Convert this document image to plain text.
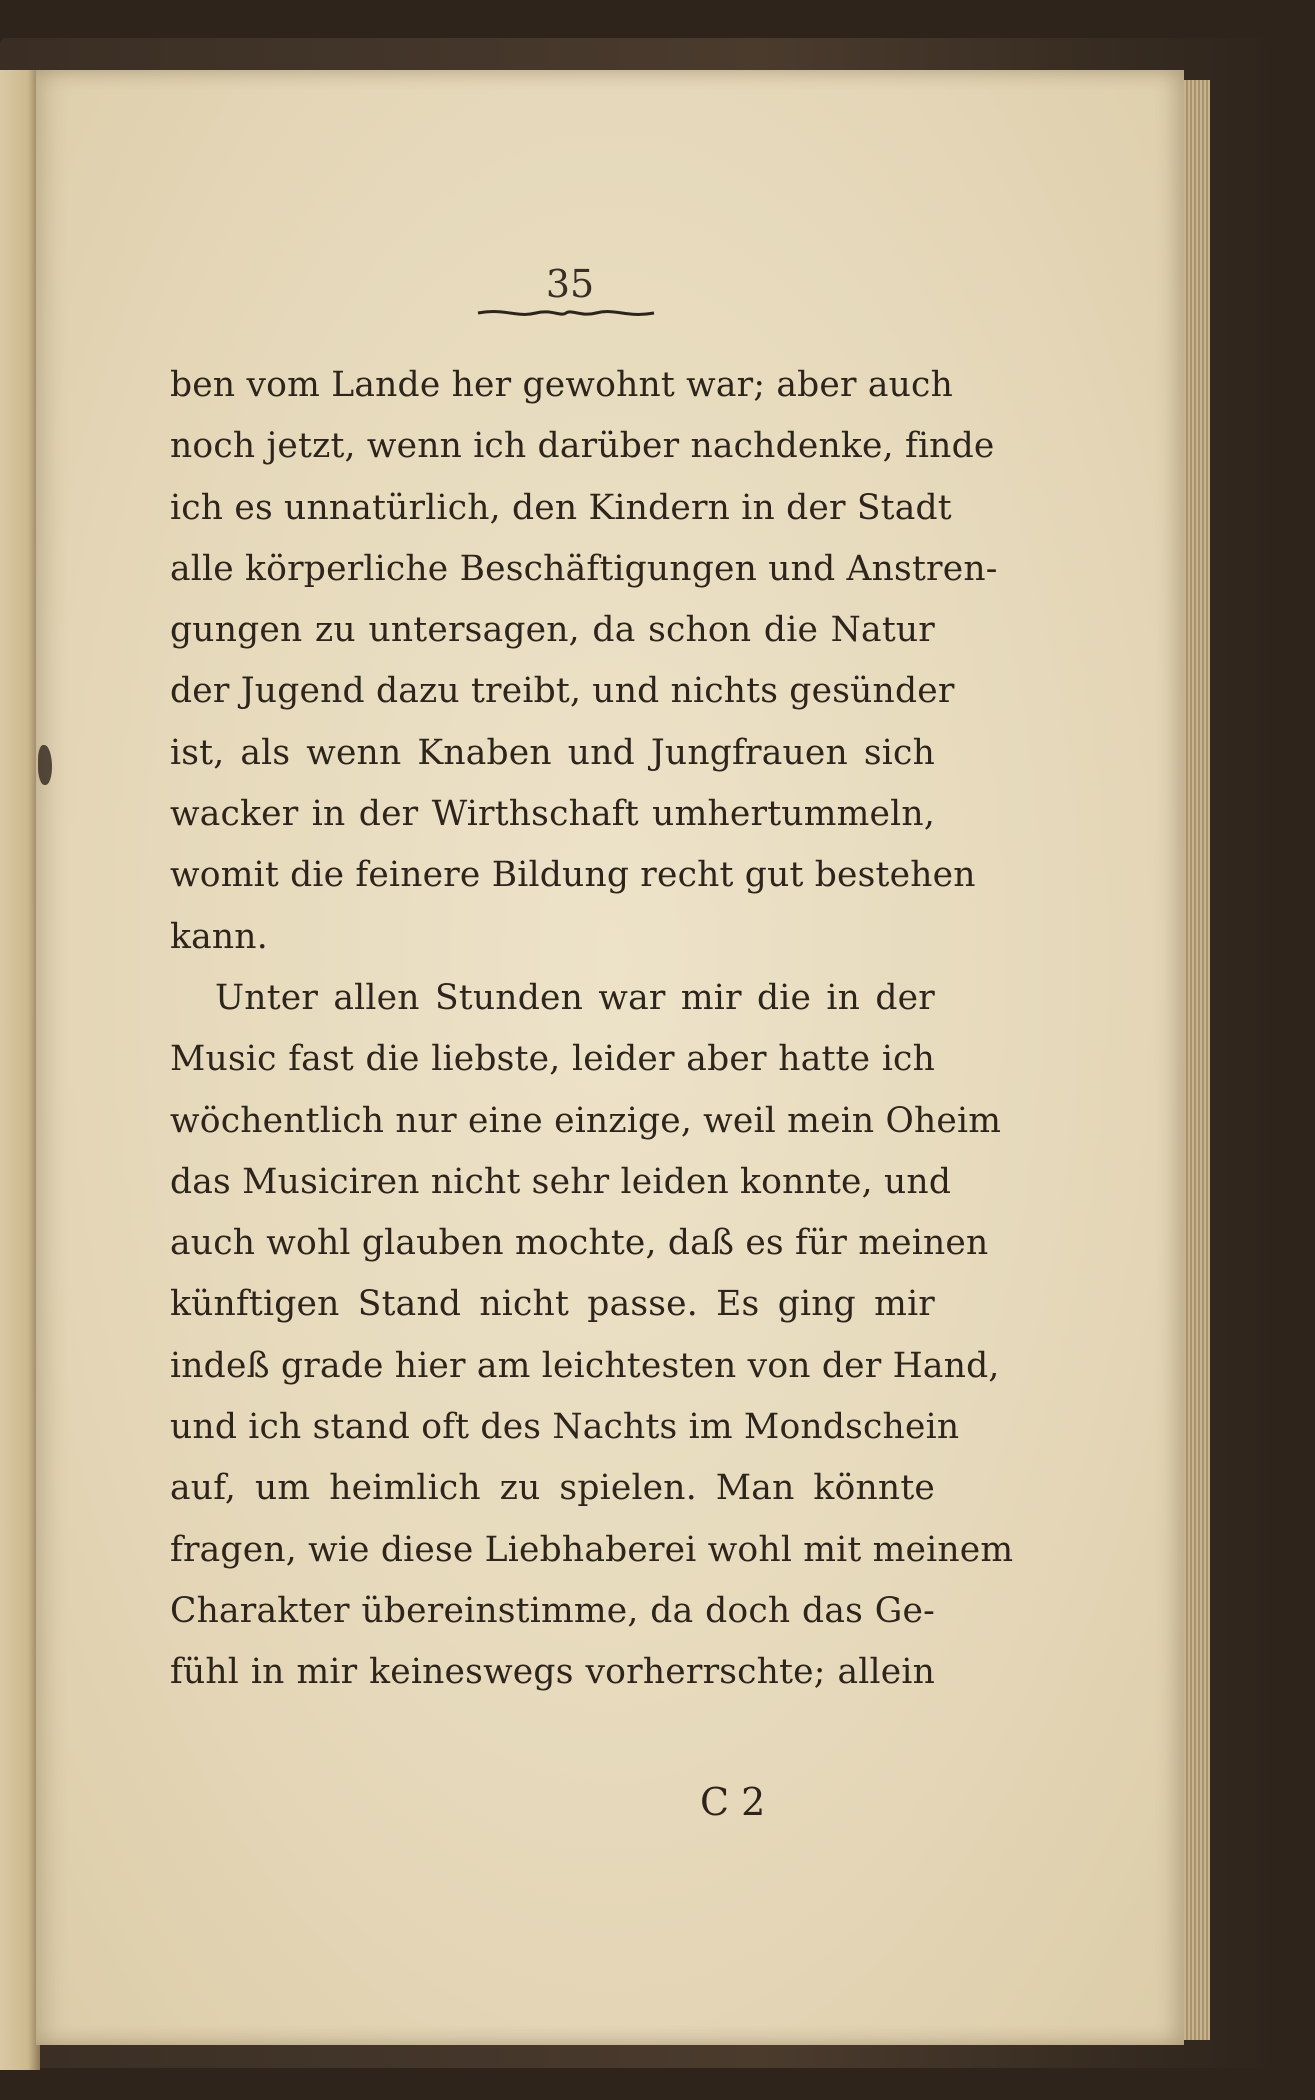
35
ben vom Lande her gewohnt war; aber auch
noch jetzt, wenn ich darüber nachdenke, finde
ich es unnatürlich, den Kindern in der Stadt
alle körperliche Beschäftigungen und Anstren-
gungen zu untersagen, da schon die Natur
der Jugend dazu treibt, und nichts gesünder
ist, als wenn Knaben und Jungfrauen sich
wacker in der Wirthschaft umhertummeln,
womit die feinere Bildung recht gut bestehen
kann.
Unter allen Stunden war mir die in der
Music fast die liebste, leider aber hatte ich
wöchentlich nur eine einzige, weil mein Oheim
das Musiciren nicht sehr leiden konnte, und
auch wohl glauben mochte, daß es für meinen
künftigen Stand nicht passe. Es ging mir
indeß grade hier am leichtesten von der Hand,
und ich stand oft des Nachts im Mondschein
auf, um heimlich zu spielen. Man könnte
fragen, wie diese Liebhaberei wohl mit meinem
Charakter übereinstimme, da doch das Ge-
fühl in mir keineswegs vorherrschte; allein
C 2
